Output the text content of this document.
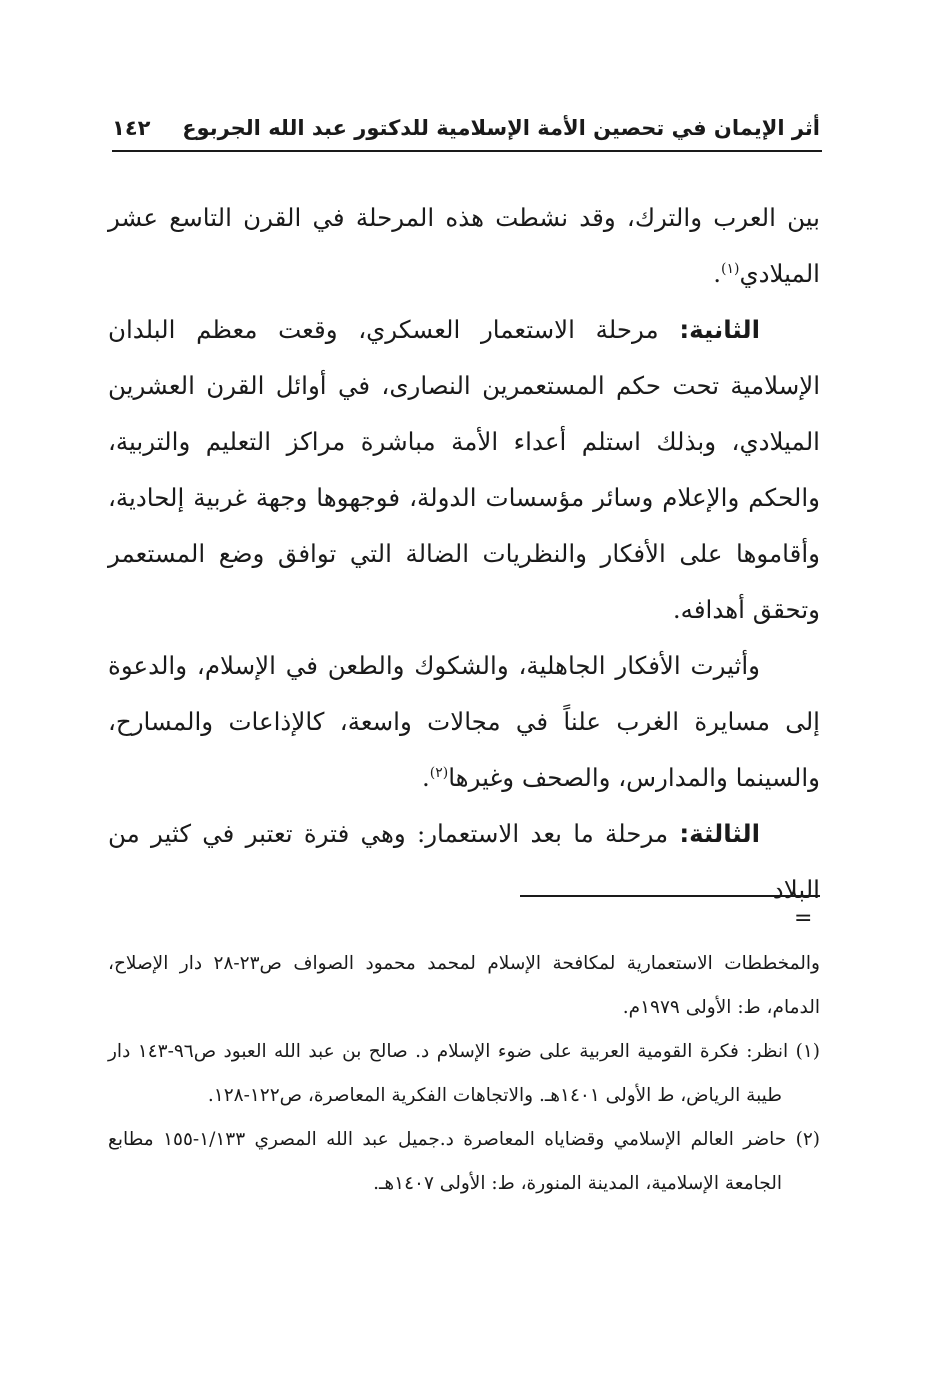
أثر الإيمان في تحصين الأمة الإسلامية للدكتور عبد الله الجربوع
١٤٢

بين العرب والترك، وقد نشطت هذه المرحلة في القرن التاسع عشر الميلادي$^{(١)}$.

الثانية: مرحلة الاستعمار العسكري، وقعت معظم البلدان الإسلامية تحت حكم المستعمرين النصارى، في أوائل القرن العشرين الميلادي، وبذلك استلم أعداء الأمة مباشرة مراكز التعليم والتربية، والحكم والإعلام وسائر مؤسسات الدولة، فوجهوها وجهة غربية إلحادية، وأقاموها على الأفكار والنظريات الضالة التي توافق وضع المستعمر وتحقق أهدافه.

وأثيرت الأفكار الجاهلية، والشكوك والطعن في الإسلام، والدعوة إلى مسايرة الغرب علناً في مجالات واسعة، كالإذاعات والمسارح، والسينما والمدارس، والصحف وغيرها$^{(٢)}$.

الثالثة: مرحلة ما بعد الاستعمار: وهي فترة تعتبر في كثير من البلاد

=

والمخططات الاستعمارية لمكافحة الإسلام لمحمد محمود الصواف ص٢٣-٢٨ دار الإصلاح، الدمام، ط: الأولى ١٩٧٩م.

(١) انظر: فكرة القومية العربية على ضوء الإسلام د. صالح بن عبد الله العبود ص٩٦-١٤٣ دار طيبة الرياض، ط الأولى ١٤٠١هـ. والاتجاهات الفكرية المعاصرة، ص١٢٢-١٢٨.

(٢) حاضر العالم الإسلامي وقضاياه المعاصرة د.جميل عبد الله المصري ١/١٣٣-١٥٥ مطابع الجامعة الإسلامية، المدينة المنورة، ط: الأولى ١٤٠٧هـ.
